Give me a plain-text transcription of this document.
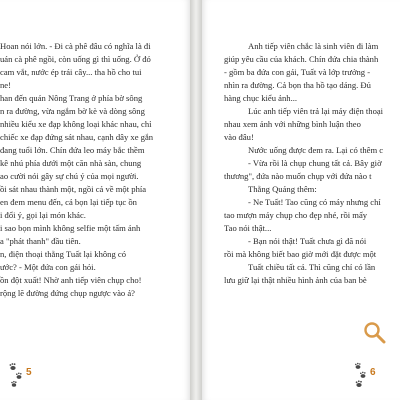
Hoan nói lớn. - Đi cà phê đâu có nghĩa là đi
uán cà phê ngồi, còn uống gì thì uống. Ở đó
cam vắt, nước ép trái cây... tha hồ cho tui
ne!
han đến quán Nông Trang ở phía bờ sông
n ra đường, vừa ngắm bờ kè và dòng sông
nhiều kiểu xe đạp không loại khác nhau, chỉ
chiếc xe đạp đứng sát nhau, cạnh dây xe gắn
đang tuổi lớn. Chín đứa leo máy bắc thềm
kê nhú phía dưới một căn nhà sàn, chung
ao cười nói gây sự chú ý của mọi người.
ồi sát nhau thành một, ngồi cả về một phía
en đem menu đến, cả bọn lại tiếp tục ồn
i đổi ý, gọi lại món khác.
i sao bọn mình không selfie một tấm ảnh
a "phát thanh" đầu tiên.
n, điện thoại thằng Tuất lại không có
ước? - Một đứa con gái hỏi.
ồn đột xuất! Nhờ anh tiếp viên chụp cho!
rộng lẽ đường đứng chụp ngược vào ả?
5
Anh tiếp viên chắc là sinh viên đi làm
giúp yêu cầu của khách. Chín đứa chia thành
- gồm ba đứa con gái, Tuất và lớp trưởng -
nhìn ra đường. Cả bọn tha hồ tạo dáng. Đủ
hàng chục kiểu ảnh...
Lúc anh tiếp viên trả lại máy điện thoại
nhau xem ảnh với những bình luận theo
vào đâu!
Nước uống được đem ra. Lại có thêm c
- Vừa rồi là chụp chung tất cả. Bây giờ
thương", đứa nào muốn chụp với đứa nào t
Thằng Quảng thêm:
- Ne Tuất! Tao cũng có máy nhưng chỉ
tao mượn máy chụp cho đẹp nhé, rồi mấy
Tao nói thật...
- Bạn nói thật! Tuất chưa gì đã nói
rồi mà không biết bao giờ mới đặt được một
Tuất chiều tất cả. Thì cũng chỉ có lần
lưu giữ lại thật nhiều hình ảnh của ban bè
6
